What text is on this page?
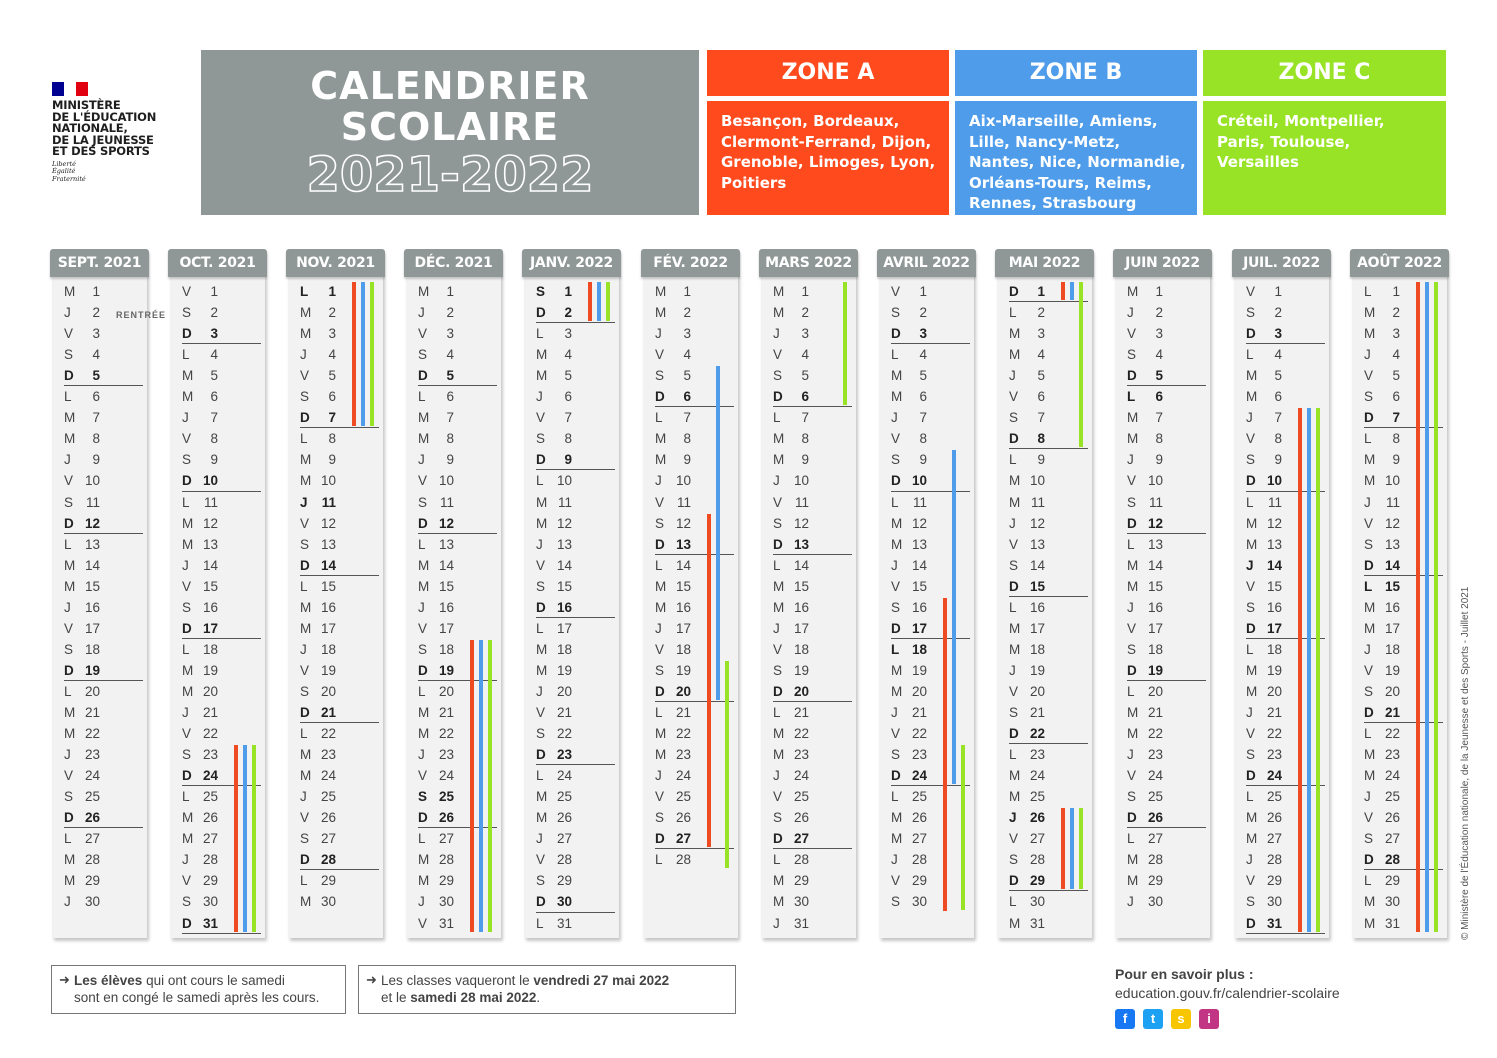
MINISTÈRE
DE L'ÉDUCATION
NATIONALE,
DE LA JEUNESSE
ET DES SPORTS
Liberté
Égalité
Fraternité
CALENDRIER
SCOLAIRE
2021-2022
ZONE A	ZONE B	ZONE C
Besançon, Bordeaux, Clermont-Ferrand, Dijon, Grenoble, Limoges, Lyon, Poitiers
Aix-Marseille, Amiens, Lille, Nancy-Metz, Nantes, Nice, Normandie, Orléans-Tours, Reims, Rennes, Strasbourg
Créteil, Montpellier, Paris, Toulouse, Versailles
SEPT. 2021
M 1
J 2 RENTRÉE
V 3
S 4
D 5
L 6
M 7
M 8
J 9
V 10
S 11
D 12
L 13
M 14
M 15
J 16
V 17
S 18
D 19
L 20
M 21
M 22
J 23
V 24
S 25
D 26
L 27
M 28
M 29
J 30
OCT. 2021
V 1
S 2
D 3
L 4
M 5
M 6
J 7
V 8
S 9
D 10
L 11
M 12
M 13
J 14
V 15
S 16
D 17
L 18
M 19
M 20
J 21
V 22
S 23
D 24
L 25
M 26
M 27
J 28
V 29
S 30
D 31
NOV. 2021
L 1
M 2
M 3
J 4
V 5
S 6
D 7
L 8
M 9
M 10
J 11
V 12
S 13
D 14
L 15
M 16
M 17
J 18
V 19
S 20
D 21
L 22
M 23
M 24
J 25
V 26
S 27
D 28
L 29
M 30
DÉC. 2021
M 1
J 2
V 3
S 4
D 5
L 6
M 7
M 8
J 9
V 10
S 11
D 12
L 13
M 14
M 15
J 16
V 17
S 18
D 19
L 20
M 21
M 22
J 23
V 24
S 25
D 26
L 27
M 28
M 29
J 30
V 31
JANV. 2022
S 1
D 2
L 3
M 4
M 5
J 6
V 7
S 8
D 9
L 10
M 11
M 12
J 13
V 14
S 15
D 16
L 17
M 18
M 19
J 20
V 21
S 22
D 23
L 24
M 25
M 26
J 27
V 28
S 29
D 30
L 31
FÉV. 2022
M 1
M 2
J 3
V 4
S 5
D 6
L 7
M 8
M 9
J 10
V 11
S 12
D 13
L 14
M 15
M 16
J 17
V 18
S 19
D 20
L 21
M 22
M 23
J 24
V 25
S 26
D 27
L 28
MARS 2022
M 1
M 2
J 3
V 4
S 5
D 6
L 7
M 8
M 9
J 10
V 11
S 12
D 13
L 14
M 15
M 16
J 17
V 18
S 19
D 20
L 21
M 22
M 23
J 24
V 25
S 26
D 27
L 28
M 29
M 30
J 31
AVRIL 2022
V 1
S 2
D 3
L 4
M 5
M 6
J 7
V 8
S 9
D 10
L 11
M 12
M 13
J 14
V 15
S 16
D 17
L 18
M 19
M 20
J 21
V 22
S 23
D 24
L 25
M 26
M 27
J 28
V 29
S 30
MAI 2022
D 1
L 2
M 3
M 4
J 5
V 6
S 7
D 8
L 9
M 10
M 11
J 12
V 13
S 14
D 15
L 16
M 17
M 18
J 19
V 20
S 21
D 22
L 23
M 24
M 25
J 26
V 27
S 28
D 29
L 30
M 31
JUIN 2022
M 1
J 2
V 3
S 4
D 5
L 6
M 7
M 8
J 9
V 10
S 11
D 12
L 13
M 14
M 15
J 16
V 17
S 18
D 19
L 20
M 21
M 22
J 23
V 24
S 25
D 26
L 27
M 28
M 29
J 30
JUIL. 2022
V 1
S 2
D 3
L 4
M 5
M 6
J 7
V 8
S 9
D 10
L 11
M 12
M 13
J 14
V 15
S 16
D 17
L 18
M 19
M 20
J 21
V 22
S 23
D 24
L 25
M 26
M 27
J 28
V 29
S 30
D 31
AOÛT 2022
L 1
M 2
M 3
J 4
V 5
S 6
D 7
L 8
M 9
M 10
J 11
V 12
S 13
D 14
L 15
M 16
M 17
J 18
V 19
S 20
D 21
L 22
M 23
M 24
J 25
V 26
S 27
D 28
L 29
M 30
M 31
➜ Les élèves qui ont cours le samedi
sont en congé le samedi après les cours.
➜ Les classes vaqueront le vendredi 27 mai 2022
et le samedi 28 mai 2022.
Pour en savoir plus :
education.gouv.fr/calendrier-scolaire
f	t	s	i
© Ministère de l'Éducation nationale, de la Jeunesse et des Sports - Juillet 2021
